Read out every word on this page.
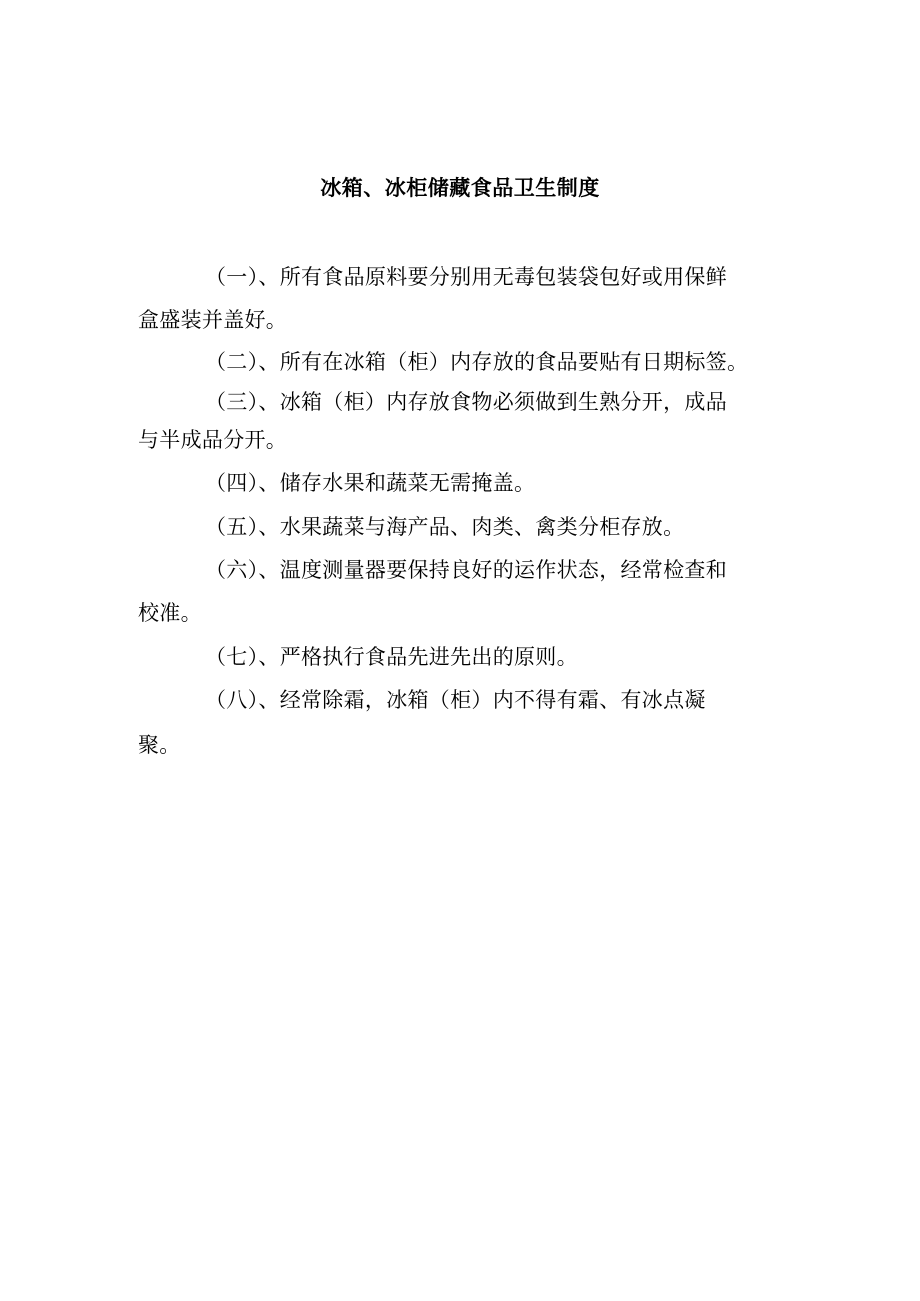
冰箱、冰柜储藏食品卫生制度
（一）、所有食品原料要分别用无毒包装袋包好或用保鲜
盒盛装并盖好。
（二）、所有在冰箱（柜）内存放的食品要贴有日期标签。
（三）、冰箱（柜）内存放食物必须做到生熟分开，成品
与半成品分开。
（四）、储存水果和蔬菜无需掩盖。
（五）、水果蔬菜与海产品、肉类、禽类分柜存放。
（六）、温度测量器要保持良好的运作状态，经常检查和
校准。
（七）、严格执行食品先进先出的原则。
（八）、经常除霜，冰箱（柜）内不得有霜、有冰点凝
聚。
